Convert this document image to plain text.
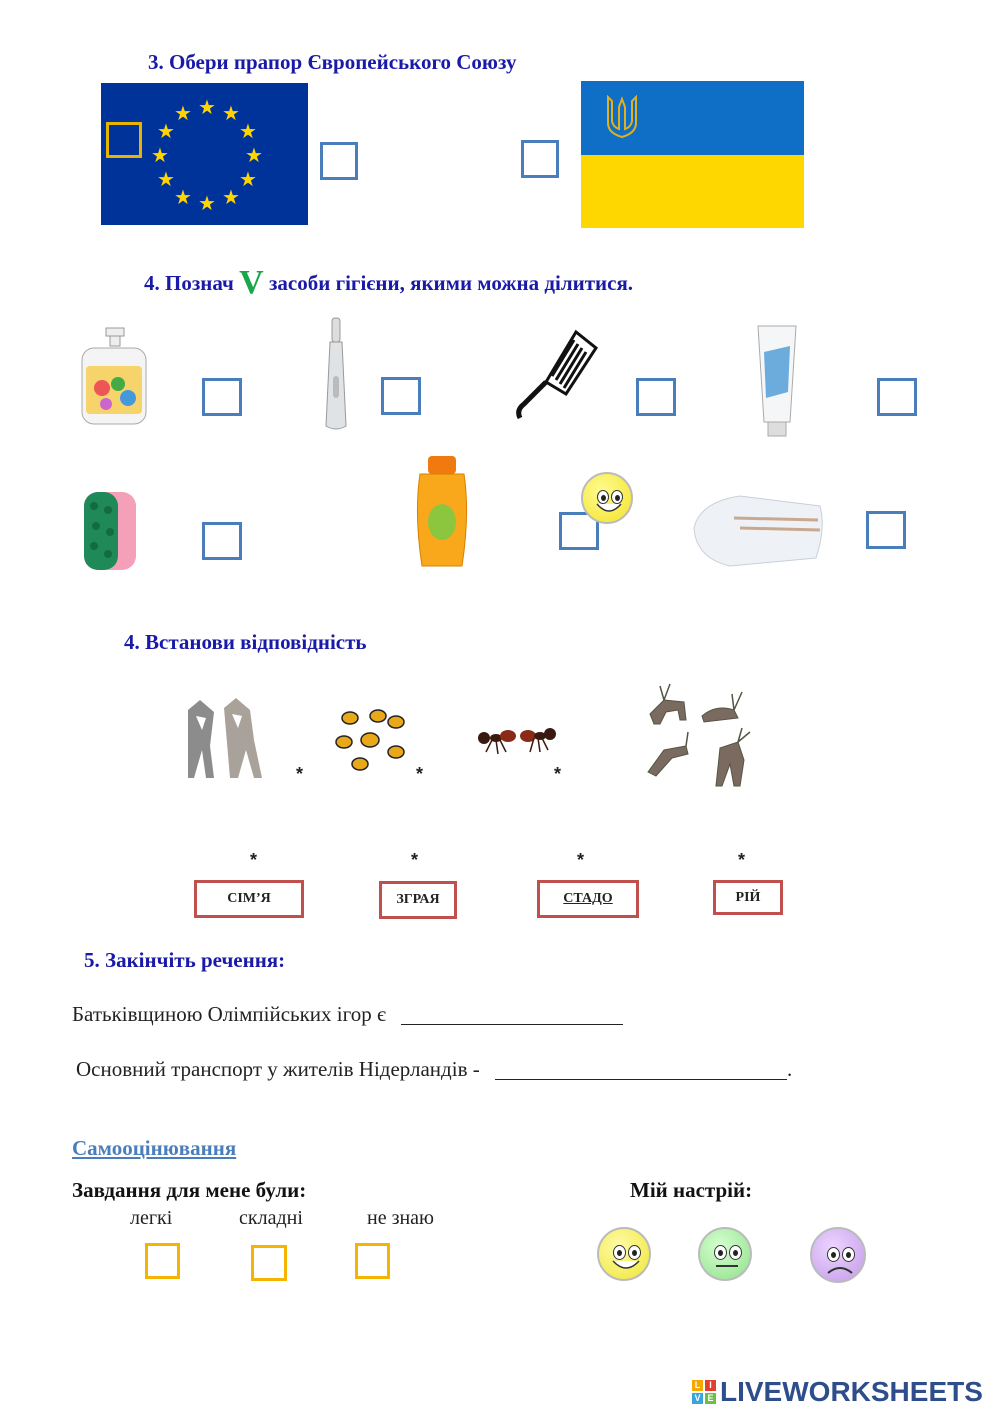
3. Обери прапор Європейського Союзу
★ ★
★
★
★
★
★
★
★
★
★
★
4. Познач V засоби гігієни, якими можна ділитися.
4. Встанови відповідність
*	*	*
*	*	*	*
СІМ’Я	ЗГРАЯ	СТАДО	РІЙ
5. Закінчіть речення:
Батьківщиною Олімпійських ігор є
Основний транспорт у жителів Нідерландів -	.
Самооцінювання
Завдання для мене були:	Мій настрій:
легкі	складні	не знаю
L I
V E LIVEWORKSHEETS
